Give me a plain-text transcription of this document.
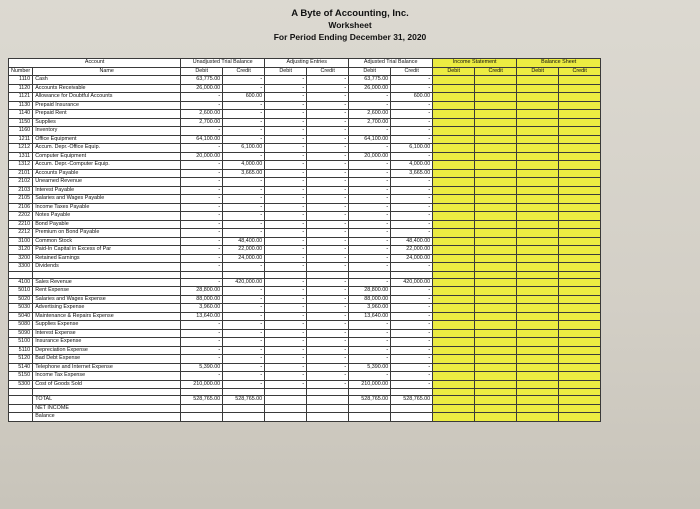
A Byte of Accounting, Inc.
Worksheet
For Period Ending December 31, 2020
Account		Unadjusted Trial Balance		Adjusting Entries		Adjusted Trial Balance		Income Statement		Balance Sheet	
Number	Name	Debit	Credit	Debit	Credit	Debit	Credit	Debit	Credit	Debit	Credit
1110	Cash	63,775.00	-	-	-	63,775.00	-				
1120	Accounts Receivable	26,000.00	-	-	-	26,000.00	-				
1121	Allowance for Doubtful Accounts	-	600.00	-	-	-	600.00				
1130	Prepaid Insurance	-	-	-	-	-	-				
1140	Prepaid Rent	2,600.00	-	-	-	2,600.00	-				
1150	Supplies	2,700.00	-	-	-	2,700.00	-				
1160	Inventory	-	-	-	-	-	-				
1211	Office Equipment	64,100.00	-	-	-	64,100.00	-				
1212	Accum. Depr.-Office Equip.	-	6,100.00	-	-	-	6,100.00				
1311	Computer Equipment	20,000.00	-	-	-	20,000.00	-				
1312	Accum. Depr.-Computer Equip.	-	4,000.00	-	-	-	4,000.00				
2101	Accounts Payable	-	3,665.00	-	-	-	3,665.00				
2102	Unearned Revenue	-	-	-	-	-	-				
2103	Interest Payable	-	-	-	-	-	-				
2105	Salaries and Wages Payable	-	-	-	-	-	-				
2106	Income Taxes Payable	-	-	-	-	-	-				
2202	Notes Payable	-	-	-	-	-	-				
2210	Bond Payable	-	-	-	-	-	-				
2212	Premium on Bond Payable	-	-	-	-	-	-				
3100	Common Stock	-	48,400.00	-	-	-	48,400.00				
3120	Paid-In Capital in Excess of Par	-	22,000.00	-	-	-	22,000.00				
3200	Retained Earnings	-	24,000.00	-	-	-	24,000.00				
3300	Dividends	-	-	-	-	-	-				

4100	Sales Revenue	-	420,000.00	-	-	-	420,000.00				
5010	Rent Expense	28,800.00	-	-	-	28,800.00	-				
5020	Salaries and Wages Expense	88,000.00	-	-	-	88,000.00	-				
5030	Advertising Expense	3,960.00	-	-	-	3,960.00	-				
5040	Maintenance & Repairs Expense	13,640.00	-	-	-	13,640.00	-				
5080	Supplies Expense	-	-	-	-	-	-				
5090	Interest Expense	-	-	-	-	-	-				
5100	Insurance Expense	-	-	-	-	-	-				
5110	Depreciation Expense	-	-	-	-	-	-				
5120	Bad Debt Expense	-	-	-	-	-	-				
5140	Telephone and Internet Expense	5,390.00	-	-	-	5,390.00	-				
5150	Income Tax Expense	-	-	-	-	-	-				
5300	Cost of Goods Sold	210,000.00	-	-	-	210,000.00	-				

	TOTAL	528,765.00	528,765.00			528,765.00	528,765.00				
	NET INCOME										
	Balance										
